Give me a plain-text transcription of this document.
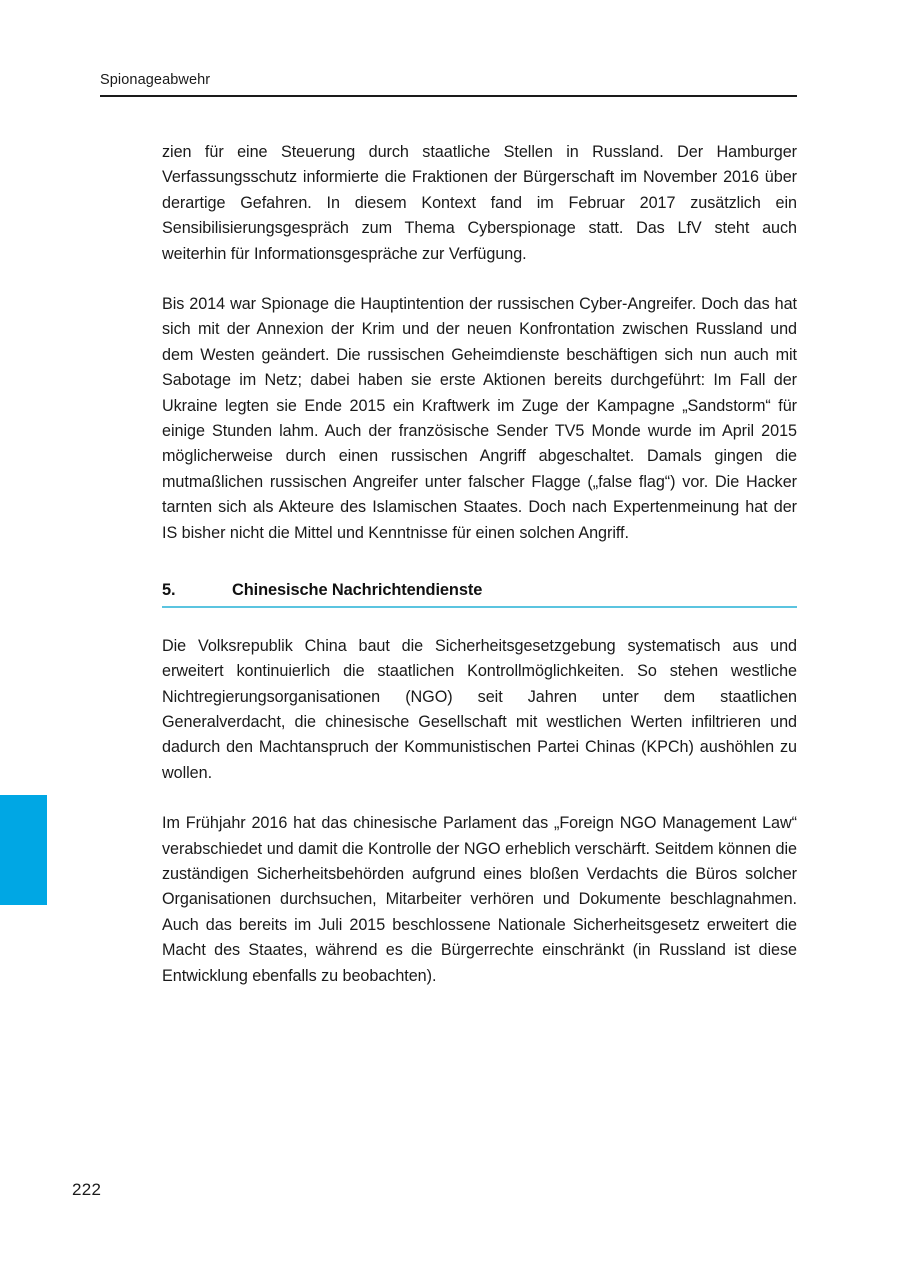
Spionageabwehr

zien für eine Steuerung durch staatliche Stellen in Russland. Der Hamburger Verfassungsschutz informierte die Fraktionen der Bürgerschaft im November 2016 über derartige Gefahren. In diesem Kontext fand im Februar 2017 zusätzlich ein Sensibilisierungsgespräch zum Thema Cyberspionage statt. Das LfV steht auch weiterhin für Informationsgespräche zur Verfügung.

Bis 2014 war Spionage die Hauptintention der russischen Cyber-Angreifer. Doch das hat sich mit der Annexion der Krim und der neuen Konfrontation zwischen Russland und dem Westen geändert. Die russischen Geheimdienste beschäftigen sich nun auch mit Sabotage im Netz; dabei haben sie erste Aktionen bereits durchgeführt: Im Fall der Ukraine legten sie Ende 2015 ein Kraftwerk im Zuge der Kampagne „Sandstorm“ für einige Stunden lahm. Auch der französische Sender TV5 Monde wurde im April 2015 möglicherweise durch einen russischen Angriff abgeschaltet. Damals gingen die mutmaßlichen russischen Angreifer unter falscher Flagge („false flag“) vor. Die Hacker tarnten sich als Akteure des Islamischen Staates. Doch nach Expertenmeinung hat der IS bisher nicht die Mittel und Kenntnisse für einen solchen Angriff.

5.	Chinesische Nachrichtendienste

Die Volksrepublik China baut die Sicherheitsgesetzgebung systematisch aus und erweitert kontinuierlich die staatlichen Kontrollmöglichkeiten. So stehen westliche Nichtregierungsorganisationen (NGO) seit Jahren unter dem staatlichen Generalverdacht, die chinesische Gesellschaft mit westlichen Werten infiltrieren und dadurch den Machtanspruch der Kommunistischen Partei Chinas (KPCh) aushöhlen zu wollen.

Im Frühjahr 2016 hat das chinesische Parlament das „Foreign NGO Management Law“ verabschiedet und damit die Kontrolle der NGO erheblich verschärft. Seitdem können die zuständigen Sicherheitsbehörden aufgrund eines bloßen Verdachts die Büros solcher Organisationen durchsuchen, Mitarbeiter verhören und Dokumente beschlagnahmen. Auch das bereits im Juli 2015 beschlossene Nationale Sicherheitsgesetz erweitert die Macht des Staates, während es die Bürgerrechte einschränkt (in Russland ist diese Entwicklung ebenfalls zu beobachten).

222
